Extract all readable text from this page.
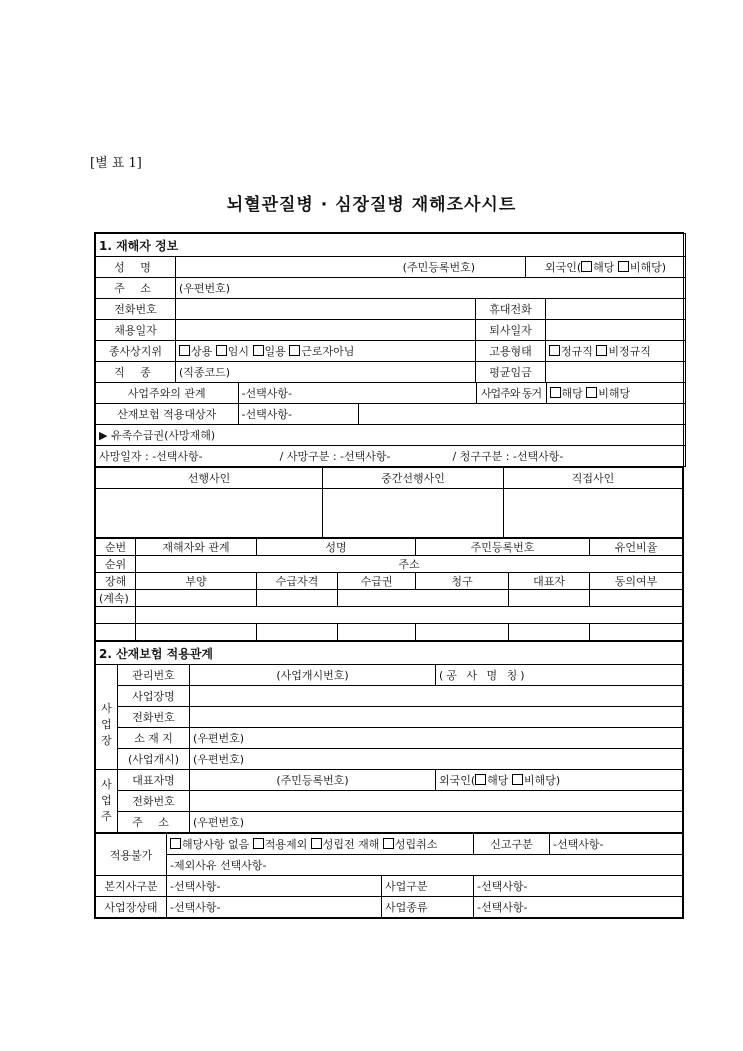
[별 표 1]
뇌혈관질병 · 심장질병 재해조사시트
1. 재해자 정보
성 명	(주민등록번호)	외국인( 해당 비해당)
주 소	(우편번호)
전화번호		휴대전화	
채용일자		퇴사일자	
종사상지위	상용 임시 일용 근로자아님	고용형태	정규직 비정규직
직 종	(직종코드)	평균임금	

사업주와의 관계	-선택사항-	사업주와 동거	해당 비해당

산재보험 적용대상자	-선택사항-	

▶ 유족수급권(사망재해)
사망일자 : -선택사항-	/ 사망구분 : -선택사항-	/ 청구구분 : -선택사항-
선행사인	중간선행사인	직접사인

순번	재해자와 관계	성명		주민등록번호		유언비율
순위	주소					
장해	부양	수급자격	수급권	청구	대표자	동의여부
(계속)						

2. 산재보험 적용관계			

사
업
장	관리번호	(사업개시번호)	(공 사 명 칭)
	사업장명		
	전화번호		
	소 재 지	(우편번호)	
	(사업개시)	(우편번호)	
사
업
주	대표자명	(주민등록번호)	외국인( 해당 비해당)
	전화번호		
	주 소	(우편번호)	
적용불가	해당사항 없음 적용제외 성립전 재해 성립취소		신고구분	-선택사항-
	-제외사유 선택사항-			
본지사구분	-선택사항-	사업구분	-선택사항-	
사업장상태	-선택사항-	사업종류	-선택사항-	
